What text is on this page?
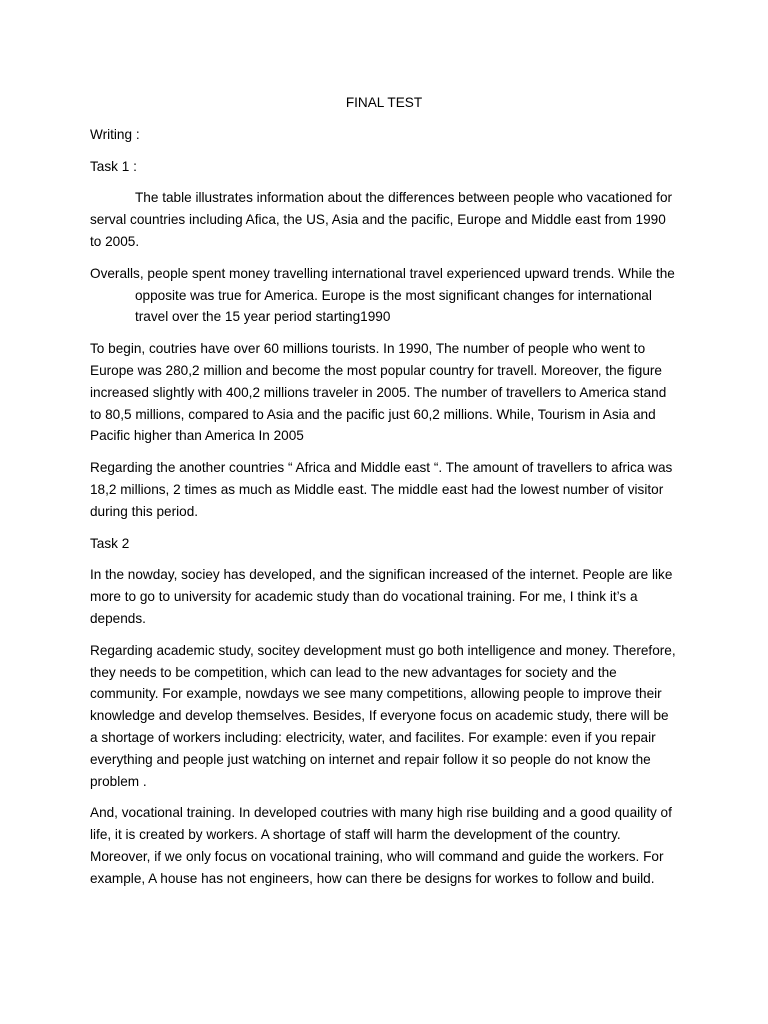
FINAL TEST

Writing :

Task 1 :

The table illustrates information about the differences between people who vacationed for serval countries including Afica, the US, Asia and the pacific, Europe and Middle east from 1990 to 2005.

Overalls, people spent money travelling international travel experienced upward trends. While the opposite was true for America. Europe is the most significant changes for international travel over the 15 year period starting1990

To begin, coutries have over 60 millions tourists. In 1990, The number of people who went to Europe was 280,2 million and become the most popular country for travell. Moreover, the figure increased slightly with 400,2 millions traveler in 2005. The number of travellers to America stand to 80,5 millions, compared to Asia and the pacific just 60,2 millions. While, Tourism in Asia and Pacific higher than America In 2005

Regarding the another countries “ Africa and Middle east “. The amount of travellers to africa was 18,2 millions, 2 times as much as Middle east. The middle east had the lowest number of visitor during this period.

Task 2

In the nowday, sociey has developed, and the significan increased of the internet. People are like more to go to university for academic study than do vocational training. For me, I think it’s a depends.

Regarding academic study, socitey development must go both intelligence and money. Therefore, they needs to be competition, which can lead to the new advantages for society and the community. For example, nowdays we see many competitions, allowing people to improve their knowledge and develop themselves. Besides, If everyone focus on academic study, there will be a shortage of workers including: electricity, water, and facilites. For example: even if you repair everything and people just watching on internet and repair follow it so people do not know the problem .

And, vocational training. In developed coutries with many high rise building and a good quaility of life, it is created by workers. A shortage of staff will harm the development of the country. Moreover, if we only focus on vocational training, who will command and guide the workers. For example, A house has not engineers, how can there be designs for workes to follow and build.
